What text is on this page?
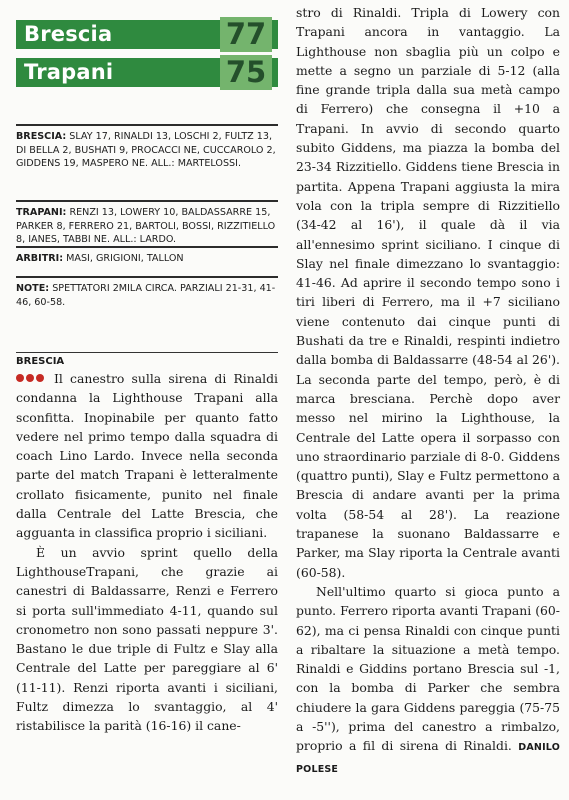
Brescia	77
Trapani	75
BRESCIA: SLAY 17, RINALDI 13, LOSCHI 2, FULTZ 13, DI BELLA 2, BUSHATI 9, PROCACCI NE, CUCCAROLO 2, GIDDENS 19, MASPERO NE. ALL.: MARTELOSSI.
TRAPANI: RENZI 13, LOWERY 10, BALDASSARRE 15, PARKER 8, FERRERO 21, BARTOLI, BOSSI, RIZZITIELLO 8, IANES, TABBI NE. ALL.: LARDO.
ARBITRI: MASI, GRIGIONI, TALLON
NOTE: SPETTATORI 2MILA CIRCA. PARZIALI 21-31, 41-46, 60-58.
BRESCIA

Il canestro sulla sirena di Rinaldi condanna la Lighthouse Trapani alla sconfitta. Inopinabile per quanto fatto vedere nel primo tempo dalla squadra di coach Lino Lardo. Invece nella seconda parte del match Trapani è letteralmente crollato fisicamente, punito nel finale dalla Centrale del Latte Brescia, che agguanta in classifica proprio i siciliani.

È un avvio sprint quello della LighthouseTrapani, che grazie ai canestri di Baldassarre, Renzi e Ferrero si porta sull'immediato 4-11, quando sul cronometro non sono passati neppure 3'. Bastano le due triple di Fultz e Slay alla Centrale del Latte per pareggiare al 6' (11-11). Renzi riporta avanti i siciliani, Fultz dimezza lo svantaggio, al 4' ristabilisce la parità (16-16) il cane-

stro di Rinaldi. Tripla di Lowery con Trapani ancora in vantaggio. La Lighthouse non sbaglia più un colpo e mette a segno un parziale di 5-12 (alla fine grande tripla dalla sua metà campo di Ferrero) che consegna il +10 a Trapani. In avvio di secondo quarto subito Giddens, ma piazza la bomba del 23-34 Rizzitiello. Giddens tiene Brescia in partita. Appena Trapani aggiusta la mira vola con la tripla sempre di Rizzitiello (34-42 al 16'), il quale dà il via all'ennesimo sprint siciliano. I cinque di Slay nel finale dimezzano lo svantaggio: 41-46. Ad aprire il secondo tempo sono i tiri liberi di Ferrero, ma il +7 siciliano viene contenuto dai cinque punti di Bushati da tre e Rinaldi, respinti indietro dalla bomba di Baldassarre (48-54 al 26'). La seconda parte del tempo, però, è di marca bresciana. Perchè dopo aver messo nel mirino la Lighthouse, la Centrale del Latte opera il sorpasso con uno straordinario parziale di 8-0. Giddens (quattro punti), Slay e Fultz permettono a Brescia di andare avanti per la prima volta (58-54 al 28'). La reazione trapanese la suonano Baldassarre e Parker, ma Slay riporta la Centrale avanti (60-58).

Nell'ultimo quarto si gioca punto a punto. Ferrero riporta avanti Trapani (60-62), ma ci pensa Rinaldi con cinque punti a ribaltare la situazione a metà tempo. Rinaldi e Giddins portano Brescia sul -1, con la bomba di Parker che sembra chiudere la gara Giddens pareggia (75-75 a -5''), prima del canestro a rimbalzo, proprio a fil di sirena di Rinaldi. DANILO POLESE
